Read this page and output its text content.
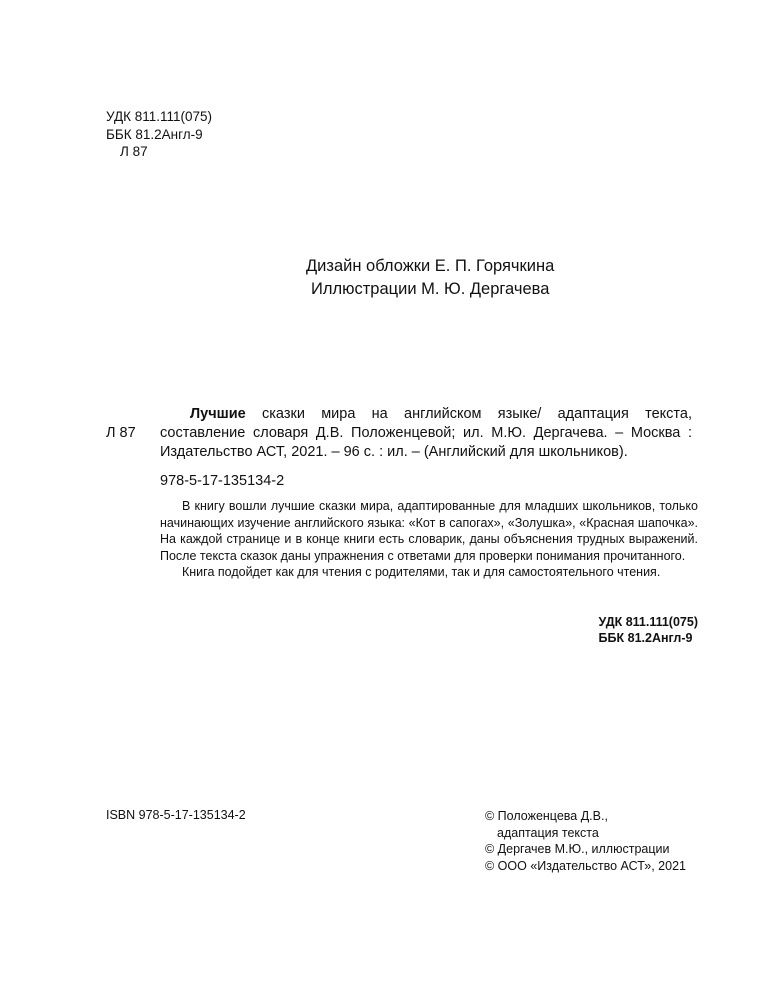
УДК 811.111(075)
ББК 81.2Англ-9
Л 87
Дизайн обложки Е. П. Горячкина
Иллюстрации М. Ю. Дергачева
Л 87
Лучшие сказки мира на английском языке/ адаптация текста, составление словаря Д.В. Положенцевой; ил. М.Ю. Дергачева. – Москва : Издательство АСТ, 2021. – 96 с. : ил. – (Английский для школьников).
978-5-17-135134-2

В книгу вошли лучшие сказки мира, адаптированные для младших школьников, только начинающих изучение английского языка: «Кот в сапогах», «Золушка», «Красная шапочка». На каждой странице и в конце книги есть словарик, даны объяснения трудных выражений. После текста сказок даны упражнения с ответами для проверки понимания прочитанного.

Книга подойдет как для чтения с родителями, так и для самостоятельного чтения.

УДК 811.111(075)
ББК 81.2Англ-9
ISBN 978-5-17-135134-2	© Положенцева Д.В.,
адаптация текста
© Дергачев М.Ю., иллюстрации
© ООО «Издательство АСТ», 2021
